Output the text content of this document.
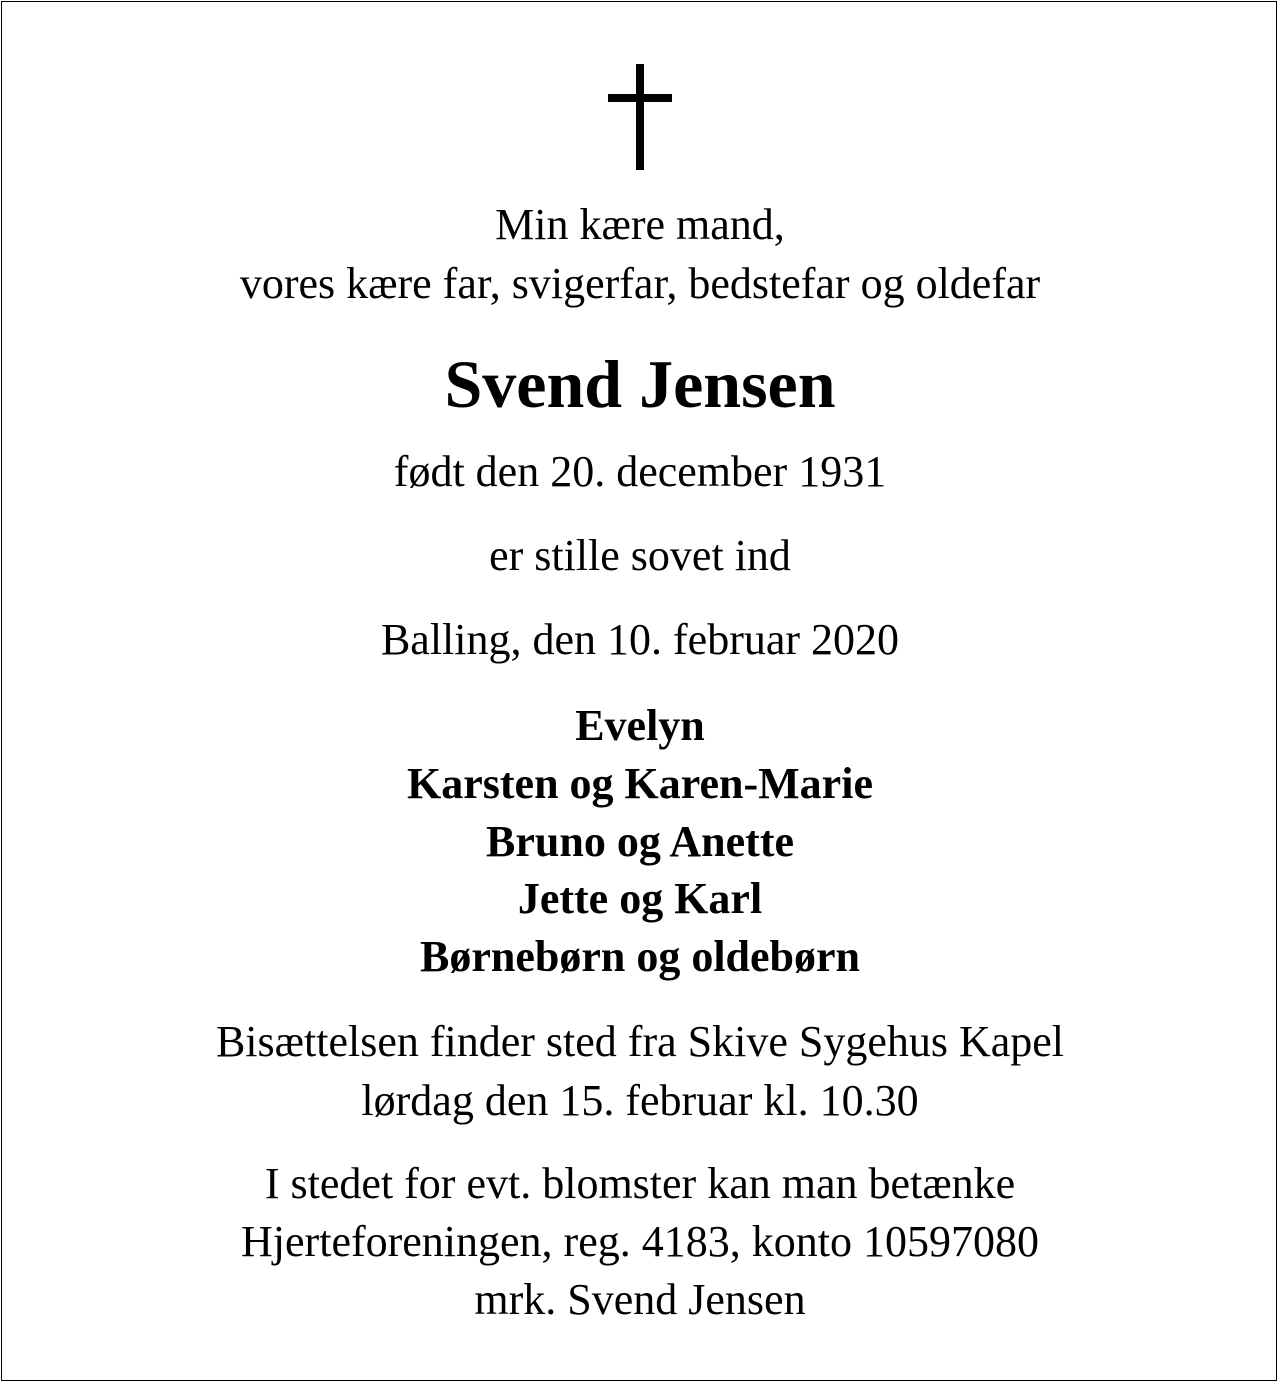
Min kære mand,
vores kære far, svigerfar, bedstefar og oldefar
Svend Jensen
født den 20. december 1931
er stille sovet ind
Balling, den 10. februar 2020
Evelyn
Karsten og Karen-Marie
Bruno og Anette
Jette og Karl
Børnebørn og oldebørn
Bisættelsen finder sted fra Skive Sygehus Kapel
lørdag den 15. februar kl. 10.30
I stedet for evt. blomster kan man betænke
Hjerteforeningen, reg. 4183, konto 10597080
mrk. Svend Jensen
